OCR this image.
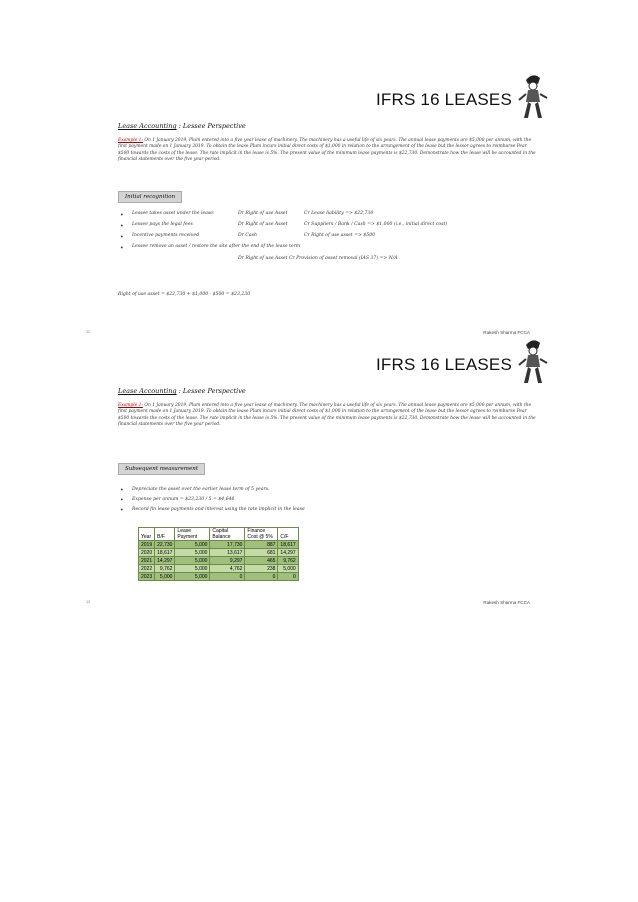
IFRS 16 LEASES
Lease Accounting : Lessee Perspective
Example 1: On 1 January 2019, Plum entered into a five year lease of machinery. The machinery has a useful life of six years. The annual lease payments are $5,000 per annum, with the first payment made on 1 January 2019. To obtain the lease Plum incurs initial direct costs of $1,000 in relation to the arrangement of the lease but the lessor agrees to reimburse Pear $500 towards the costs of the lease. The rate implicit in the lease is 5%. The present value of the minimum lease payments is $22,730. Demonstrate how the lease will be accounted in the financial statements over the five year period.
Initial recognition
• Lessee takes asset under the lease:	Dr Right of use Asset	Cr Lease liability => $22,730
• Lessee pays the legal fees	Dr Right of use Asset	Cr Suppliers / Bank / Cash => $1,000 (i.e., initial direct cost)
• Incentive payments received	Dr Cash	Cr Right of use asset => $500
• Lessee remove an asset / restore the site after the end of the lease term
Dr Right of use Asset Cr Provision of asset removal (IAS 37) => N/A
Right of use asset = $22,730 + $1,000 - $500 = $23,230
11	Rakesh Sharma FCCA
IFRS 16 LEASES
Lease Accounting : Lessee Perspective
Example 1: On 1 January 2019, Plum entered into a five year lease of machinery. The machinery has a useful life of six years. The annual lease payments are $5,000 per annum, with the first payment made on 1 January 2019. To obtain the lease Plum incurs initial direct costs of $1,000 in relation to the arrangement of the lease but the lessor agrees to reimburse Pear $500 towards the costs of the lease. The rate implicit in the lease is 5%. The present value of the minimum lease payments is $22,730. Demonstrate how the lease will be accounted in the financial statements over the five year period.
Subsequent measurement
• Depreciate the asset over the earlier lease term of 5 years.
• Expense per annum = $23,230 / 5 = $4,646
• Record fin lease payments and interest using the rate implicit in the lease
Year	B/F	Lease Payment	Capital Balance	Finance Cost @ 5%	C/F
2019	22,730	5,000	17,730	887	18,617
2020	18,617	5,000	13,617	681	14,297
2021	14,297	5,000	9,297	465	9,762
2022	9,762	5,000	4,762	238	5,000
2023	5,000	5,000	0	0	0
12	Rakesh Sharma FCCA
